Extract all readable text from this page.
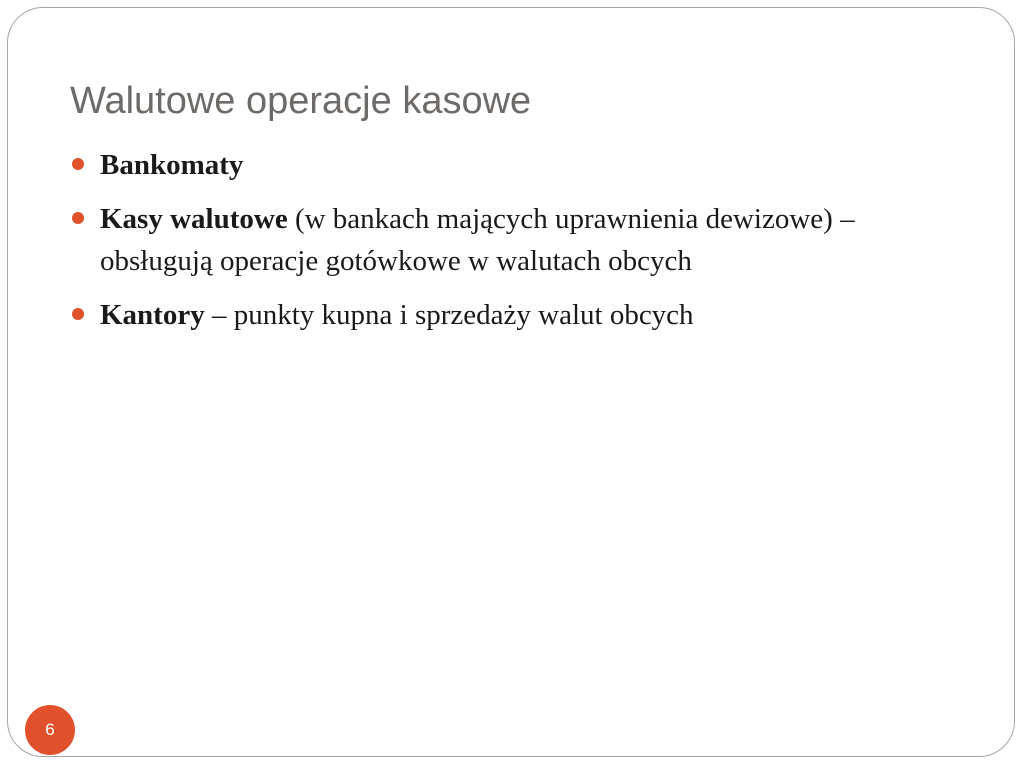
Walutowe operacje kasowe
Bankomaty
Kasy walutowe (w bankach mających uprawnienia dewizowe) – obsługują operacje gotówkowe w walutach obcych
Kantory – punkty kupna i sprzedaży walut obcych
6
